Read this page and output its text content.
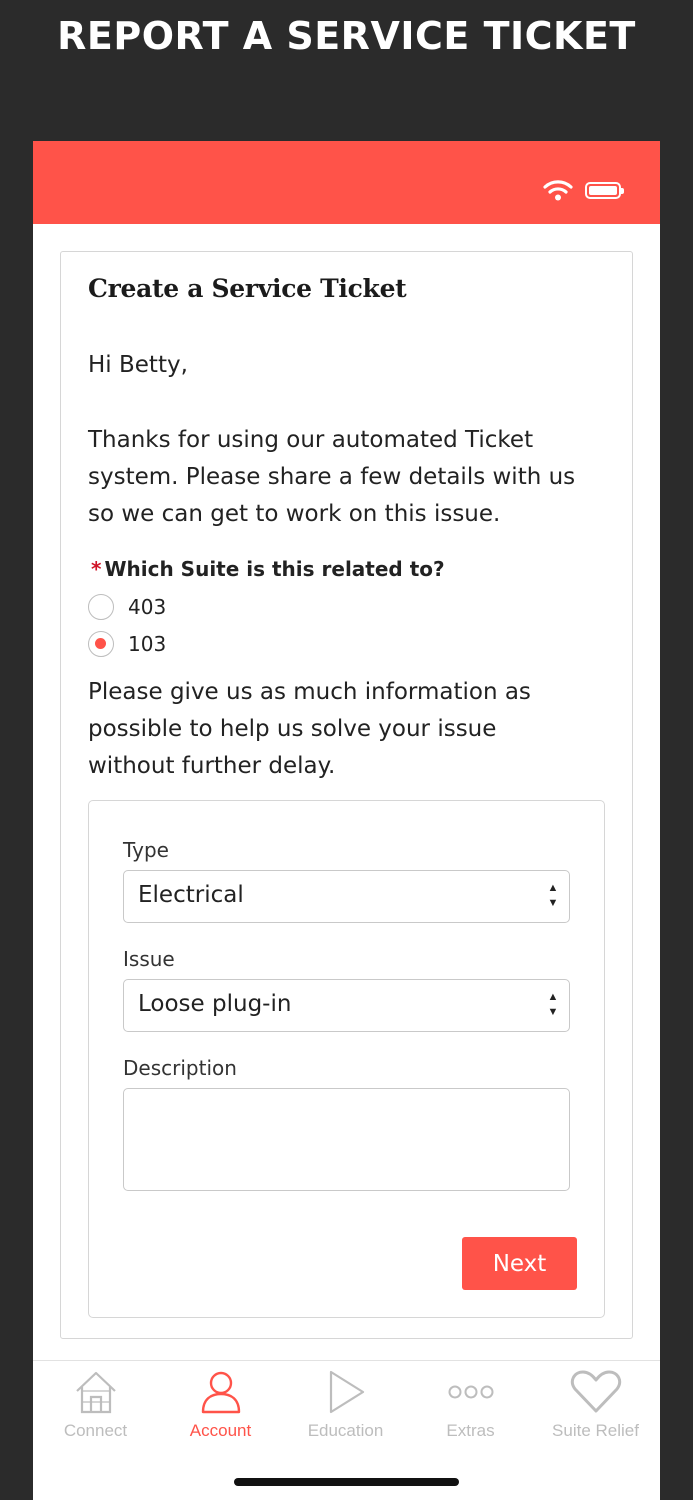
REPORT A SERVICE TICKET
Create a Service Ticket
Hi Betty,
Thanks for using our automated Ticket
system. Please share a few details with us
so we can get to work on this issue.
* Which Suite is this related to?
403
103
Please give us as much information as
possible to help us solve your issue
without further delay.
Type
Electrical	▲
▼
Issue
Loose plug-in	▲
▼
Description
Next
Connect	Account	Education	Extras	Suite Relief
